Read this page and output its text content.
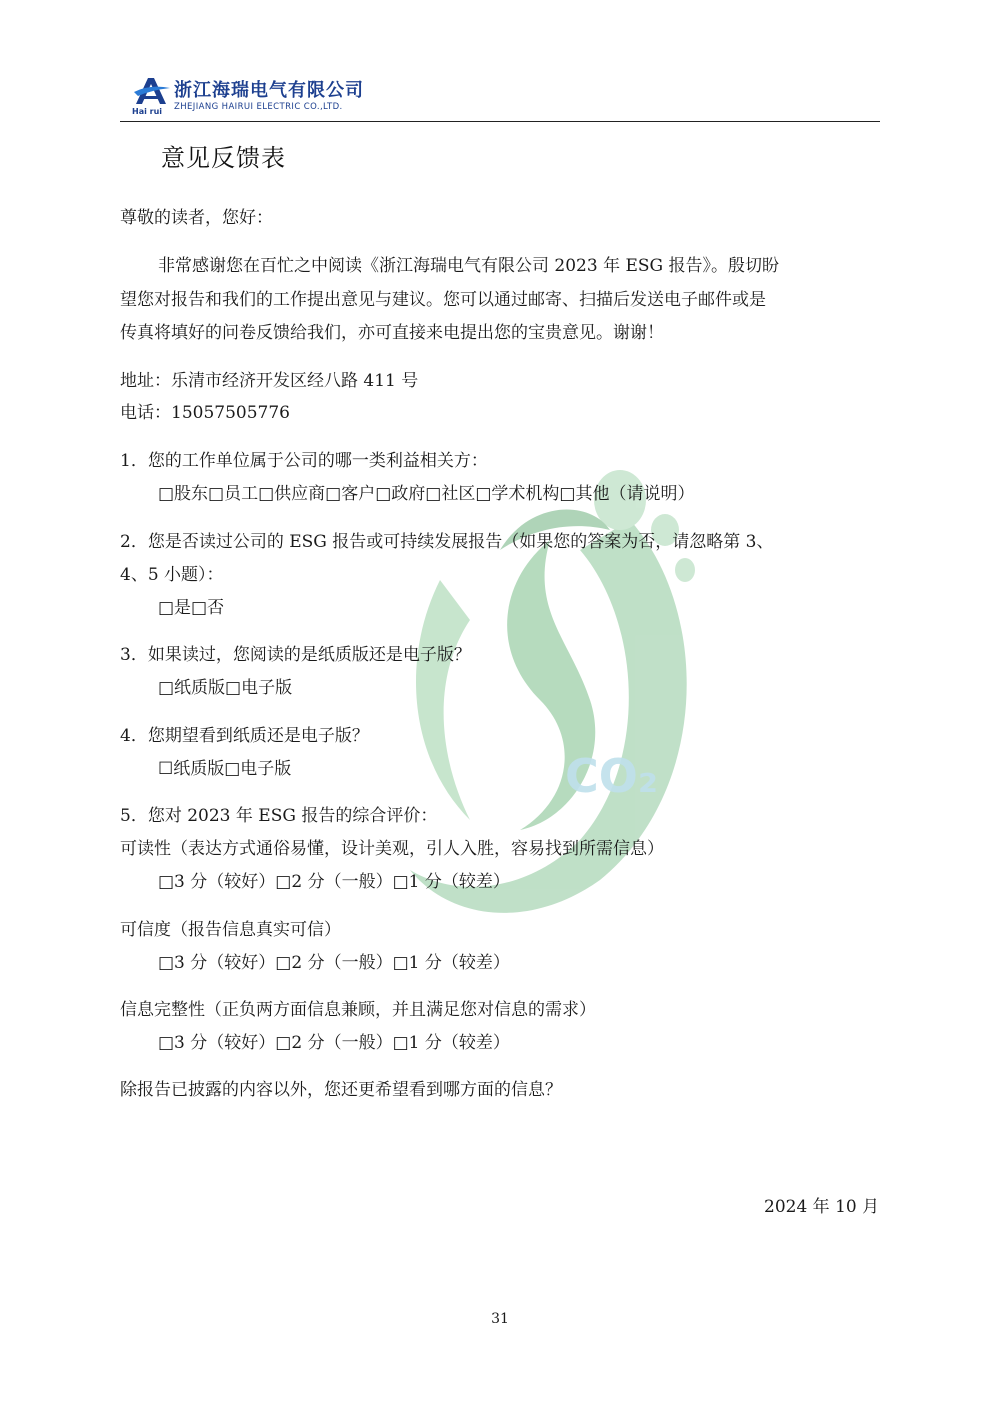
Hai rui
浙江海瑞电气有限公司
ZHEJIANG HAIRUI ELECTRIC CO.,LTD.
CO₂
意见反馈表
尊敬的读者，您好：
非常感谢您在百忙之中阅读《浙江海瑞电气有限公司 2023 年 ESG 报告》。殷切盼
望您对报告和我们的工作提出意见与建议。您可以通过邮寄、扫描后发送电子邮件或是
传真将填好的问卷反馈给我们，亦可直接来电提出您的宝贵意见。谢谢！
地址：乐清市经济开发区经八路 411 号
电话：15057505776
1．您的工作单位属于公司的哪一类利益相关方：
□股东□员工□供应商□客户□政府□社区□学术机构□其他（请说明）
2．您是否读过公司的 ESG 报告或可持续发展报告（如果您的答案为否，请忽略第 3、
4、5 小题）：
□是□否
3．如果读过，您阅读的是纸质版还是电子版？
□纸质版□电子版
4．您期望看到纸质还是电子版？
☐纸质版□电子版
5．您对 2023 年 ESG 报告的综合评价：
可读性（表达方式通俗易懂，设计美观，引人入胜，容易找到所需信息）
□3 分（较好）□2 分（一般）□1 分（较差）
可信度（报告信息真实可信）
□3 分（较好）□2 分（一般）□1 分（较差）
信息完整性（正负两方面信息兼顾，并且满足您对信息的需求）
□3 分（较好）□2 分（一般）□1 分（较差）
除报告已披露的内容以外，您还更希望看到哪方面的信息？
2024 年 10 月
31
